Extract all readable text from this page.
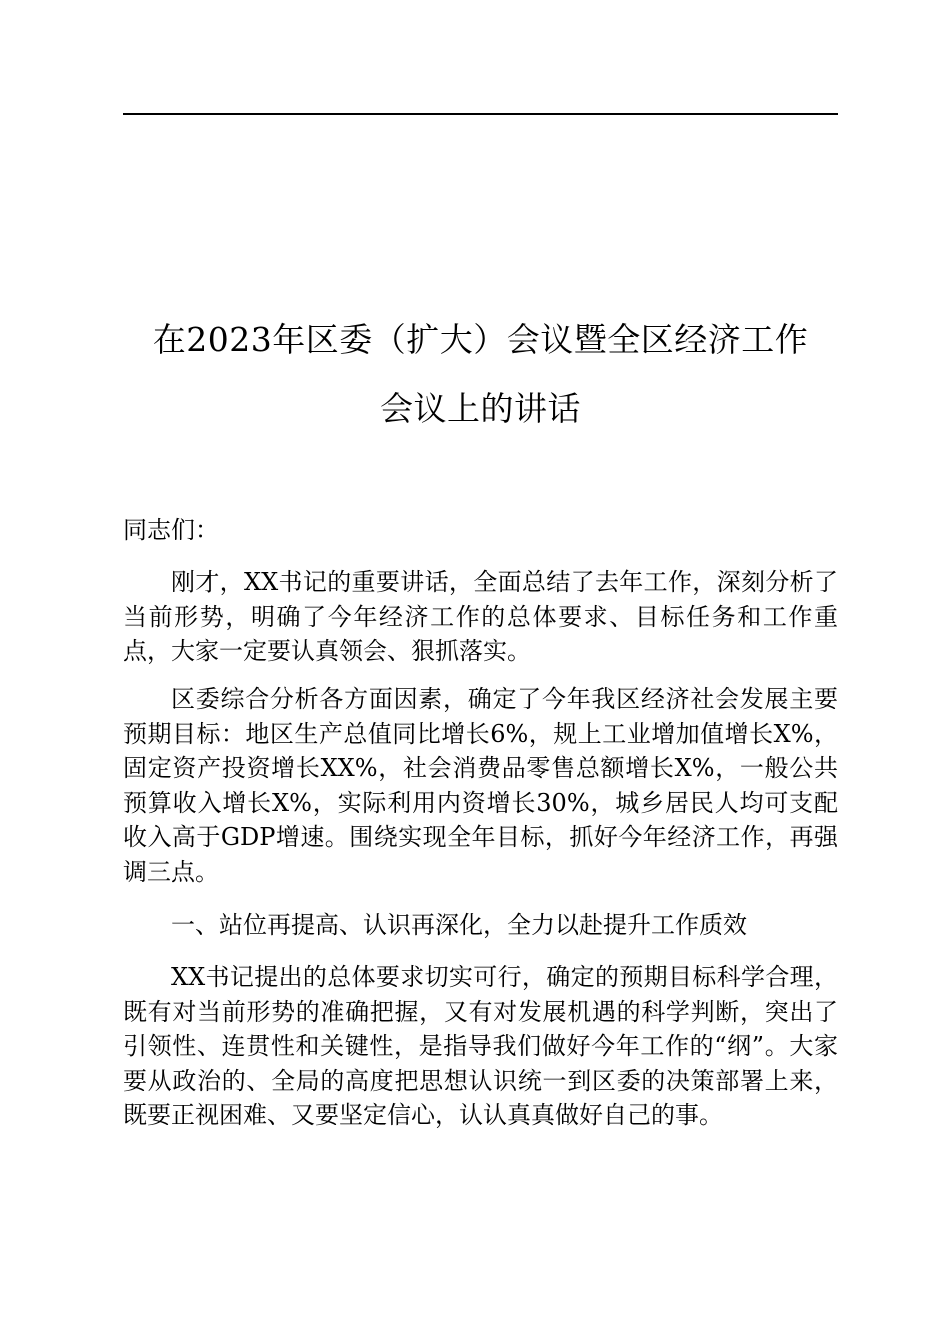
在2023年区委（扩大）会议暨全区经济工作
会议上的讲话
同志们：

刚才，XX书记的重要讲话，全面总结了去年工作，深刻分析了当前形势，明确了今年经济工作的总体要求、目标任务和工作重点，大家一定要认真领会、狠抓落实。

区委综合分析各方面因素，确定了今年我区经济社会发展主要预期目标：地区生产总值同比增长6%，规上工业增加值增长X%，固定资产投资增长XX%，社会消费品零售总额增长X%，一般公共预算收入增长X%，实际利用内资增长30%，城乡居民人均可支配收入高于GDP增速。围绕实现全年目标，抓好今年经济工作，再强调三点。

一、站位再提高、认识再深化，全力以赴提升工作质效

XX书记提出的总体要求切实可行，确定的预期目标科学合理，既有对当前形势的准确把握，又有对发展机遇的科学判断，突出了引领性、连贯性和关键性，是指导我们做好今年工作的“纲”。大家要从政治的、全局的高度把思想认识统一到区委的决策部署上来，既要正视困难、又要坚定信心，认认真真做好自己的事。
